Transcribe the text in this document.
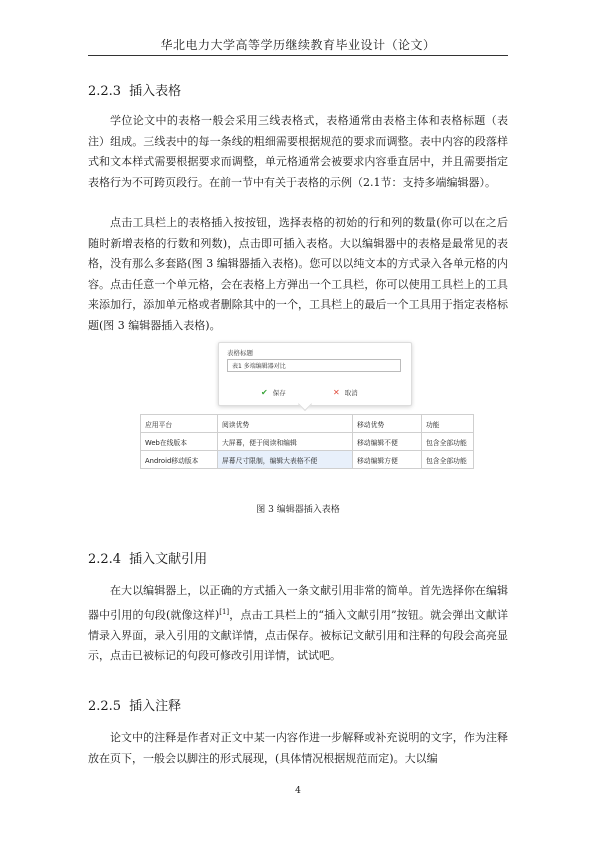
华北电力大学高等学历继续教育毕业设计（论文）
2.2.3 插入表格
学位论文中的表格一般会采用三线表格式，表格通常由表格主体和表格标题（表注）组成。三线表中的每一条线的粗细需要根据规范的要求而调整。表中内容的段落样式和文本样式需要根据要求而调整，单元格通常会被要求内容垂直居中，并且需要指定表格行为不可跨页段行。在前一节中有关于表格的示例（2.1节：支持多端编辑器）。
点击工具栏上的表格插入按按钮，选择表格的初始的行和列的数量(你可以在之后随时新增表格的行数和列数)，点击即可插入表格。大以编辑器中的表格是最常见的表格，没有那么多套路(图 3 编辑器插入表格)。您可以以纯文本的方式录入各单元格的内容。点击任意一个单元格，会在表格上方弹出一个工具栏，你可以使用工具栏上的工具来添加行，添加单元格或者删除其中的一个，工具栏上的最后一个工具用于指定表格标题(图 3 编辑器插入表格)。
表格标题
表1 多端编辑器对比
✔ 保存	✕ 取消
应用平台	阅读优势	移动优势	功能
Web在线版本	大屏幕，便于阅读和编辑	移动编辑不便	包含全部功能
Android移动版本	屏幕尺寸限制，编辑大表格不便	移动编辑方便	包含全部功能
图 3 编辑器插入表格
2.2.4 插入文献引用
在大以编辑器上，以正确的方式插入一条文献引用非常的简单。首先选择你在编辑器中引用的句段(就像这样)[1]，点击工具栏上的“插入文献引用”按钮。就会弹出文献详情录入界面，录入引用的文献详情，点击保存。被标记文献引用和注释的句段会高亮显示，点击已被标记的句段可修改引用详情，试试吧。
2.2.5 插入注释
论文中的注释是作者对正文中某一内容作进一步解释或补充说明的文字，作为注释放在页下，一般会以脚注的形式展现，(具体情况根据规范而定)。大以编
4
